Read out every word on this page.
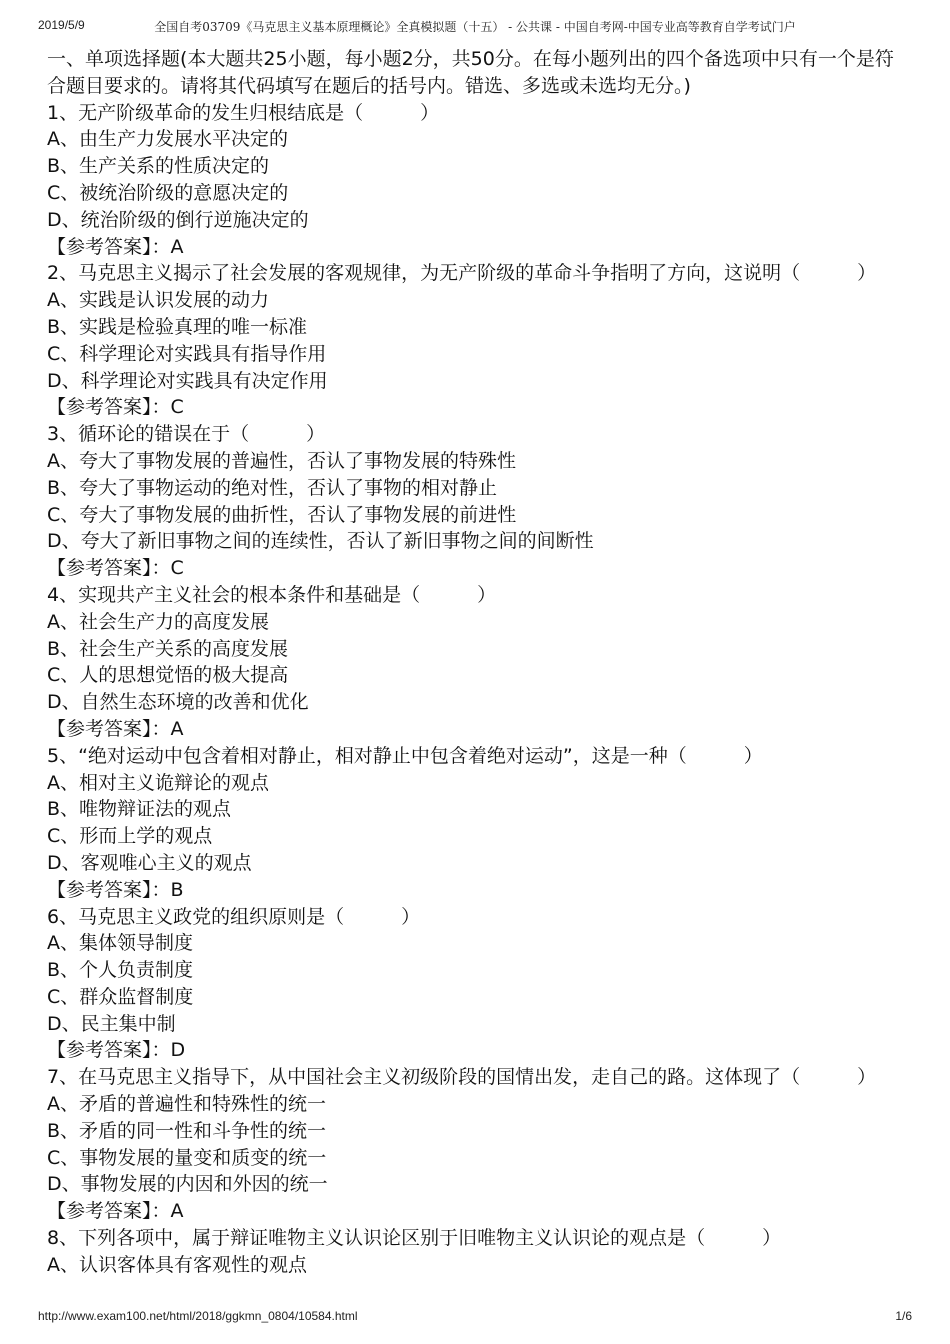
2019/5/9	全国自考03709《马克思主义基本原理概论》全真模拟题（十五） - 公共课 - 中国自考网-中国专业高等教育自学考试门户

一、单项选择题(本大题共25小题，每小题2分，共50分。在每小题列出的四个备选项中只有一个是符合题目要求的。请将其代码填写在题后的括号内。错选、多选或未选均无分。)

1、无产阶级革命的发生归根结底是（　　　）
A、由生产力发展水平决定的
B、生产关系的性质决定的
C、被统治阶级的意愿决定的
D、统治阶级的倒行逆施决定的
【参考答案】：A
2、马克思主义揭示了社会发展的客观规律，为无产阶级的革命斗争指明了方向，这说明（　　　）
A、实践是认识发展的动力
B、实践是检验真理的唯一标准
C、科学理论对实践具有指导作用
D、科学理论对实践具有决定作用
【参考答案】：C
3、循环论的错误在于（　　　）
A、夸大了事物发展的普遍性，否认了事物发展的特殊性
B、夸大了事物运动的绝对性，否认了事物的相对静止
C、夸大了事物发展的曲折性，否认了事物发展的前进性
D、夸大了新旧事物之间的连续性，否认了新旧事物之间的间断性
【参考答案】：C
4、实现共产主义社会的根本条件和基础是（　　　）
A、社会生产力的高度发展
B、社会生产关系的高度发展
C、人的思想觉悟的极大提高
D、自然生态环境的改善和优化
【参考答案】：A
5、“绝对运动中包含着相对静止，相对静止中包含着绝对运动”，这是一种（　　　）
A、相对主义诡辩论的观点
B、唯物辩证法的观点
C、形而上学的观点
D、客观唯心主义的观点
【参考答案】：B
6、马克思主义政党的组织原则是（　　　）
A、集体领导制度
B、个人负责制度
C、群众监督制度
D、民主集中制
【参考答案】：D
7、在马克思主义指导下，从中国社会主义初级阶段的国情出发，走自己的路。这体现了（　　　）
A、矛盾的普遍性和特殊性的统一
B、矛盾的同一性和斗争性的统一
C、事物发展的量变和质变的统一
D、事物发展的内因和外因的统一
【参考答案】：A
8、下列各项中，属于辩证唯物主义认识论区别于旧唯物主义认识论的观点是（　　　）
A、认识客体具有客观性的观点
http://www.exam100.net/html/2018/ggkmn_0804/10584.html	1/6
